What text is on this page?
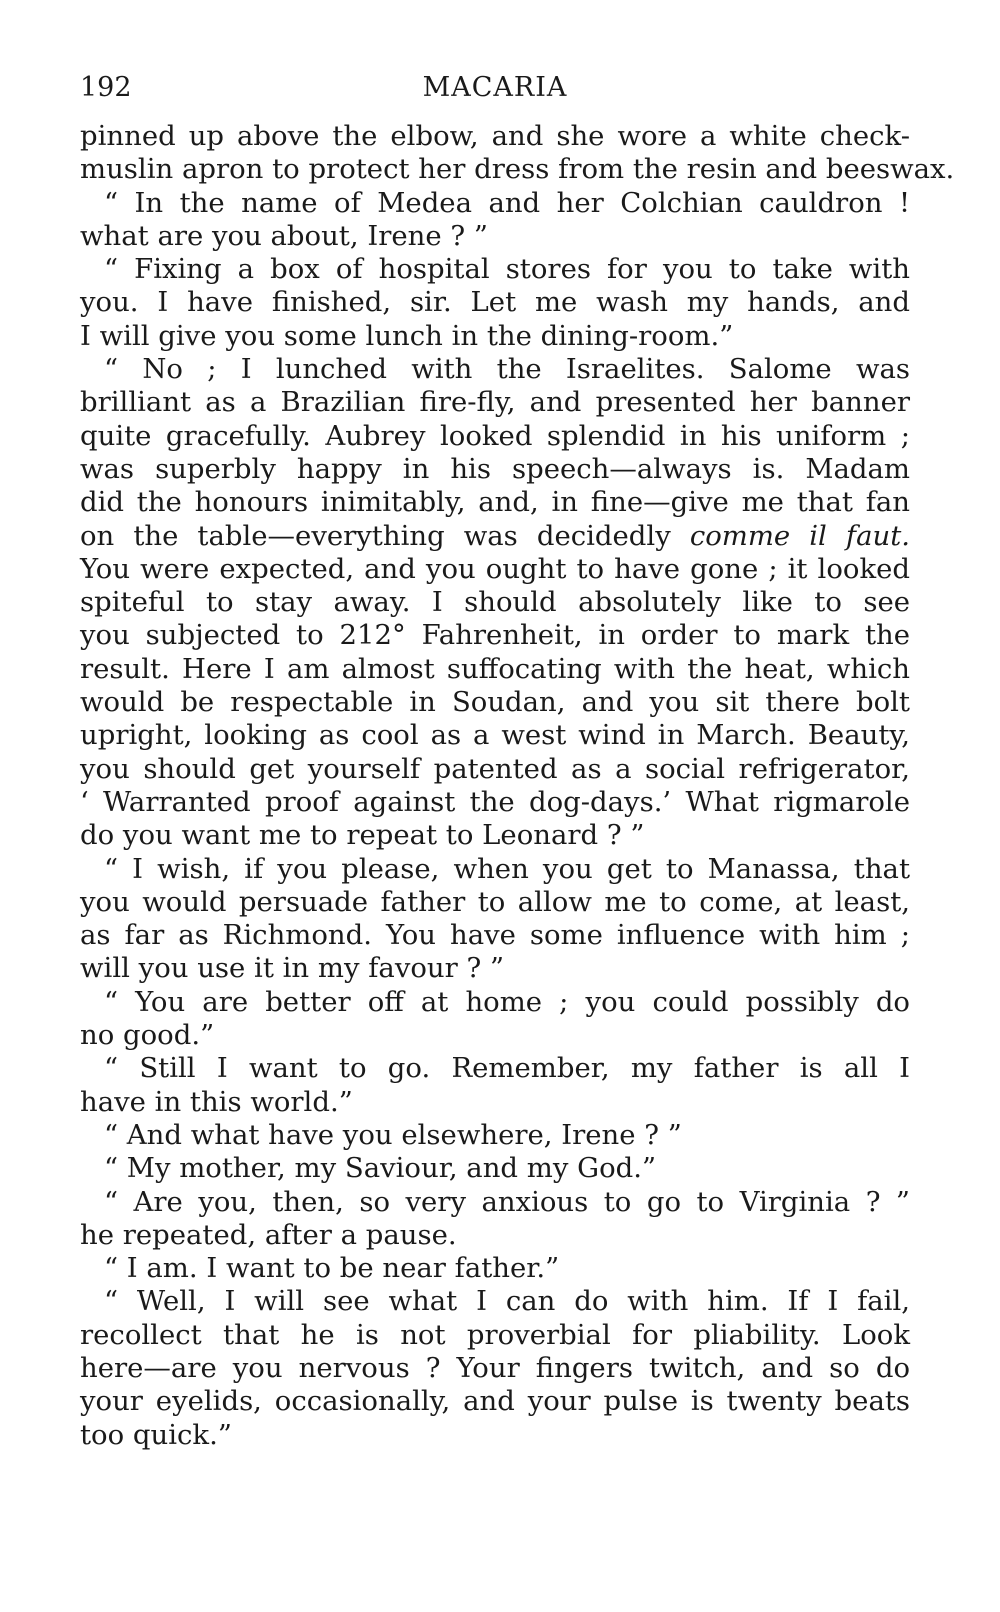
192	MACARIA
pinned up above the elbow, and she wore a white check-
muslin apron to protect her dress from the resin and beeswax.
“ In the name of Medea and her Colchian cauldron !
what are you about, Irene ? ”
“ Fixing a box of hospital stores for you to take with
you. I have finished, sir. Let me wash my hands, and
I will give you some lunch in the dining-room.”
“ No ; I lunched with the Israelites. Salome was
brilliant as a Brazilian fire-fly, and presented her banner
quite gracefully. Aubrey looked splendid in his uniform ;
was superbly happy in his speech—always is. Madam
did the honours inimitably, and, in fine—give me that fan
on the table—everything was decidedly comme il faut.
You were expected, and you ought to have gone ; it looked
spiteful to stay away. I should absolutely like to see
you subjected to 212° Fahrenheit, in order to mark the
result. Here I am almost suffocating with the heat, which
would be respectable in Soudan, and you sit there bolt
upright, looking as cool as a west wind in March. Beauty,
you should get yourself patented as a social refrigerator,
‘ Warranted proof against the dog-days.’ What rigmarole
do you want me to repeat to Leonard ? ”
“ I wish, if you please, when you get to Manassa, that
you would persuade father to allow me to come, at least,
as far as Richmond. You have some influence with him ;
will you use it in my favour ? ”
“ You are better off at home ; you could possibly do
no good.”
“ Still I want to go. Remember, my father is all I
have in this world.”
“ And what have you elsewhere, Irene ? ”
“ My mother, my Saviour, and my God.”
“ Are you, then, so very anxious to go to Virginia ? ”
he repeated, after a pause.
“ I am. I want to be near father.”
“ Well, I will see what I can do with him. If I fail,
recollect that he is not proverbial for pliability. Look
here—are you nervous ? Your fingers twitch, and so do
your eyelids, occasionally, and your pulse is twenty beats
too quick.”
